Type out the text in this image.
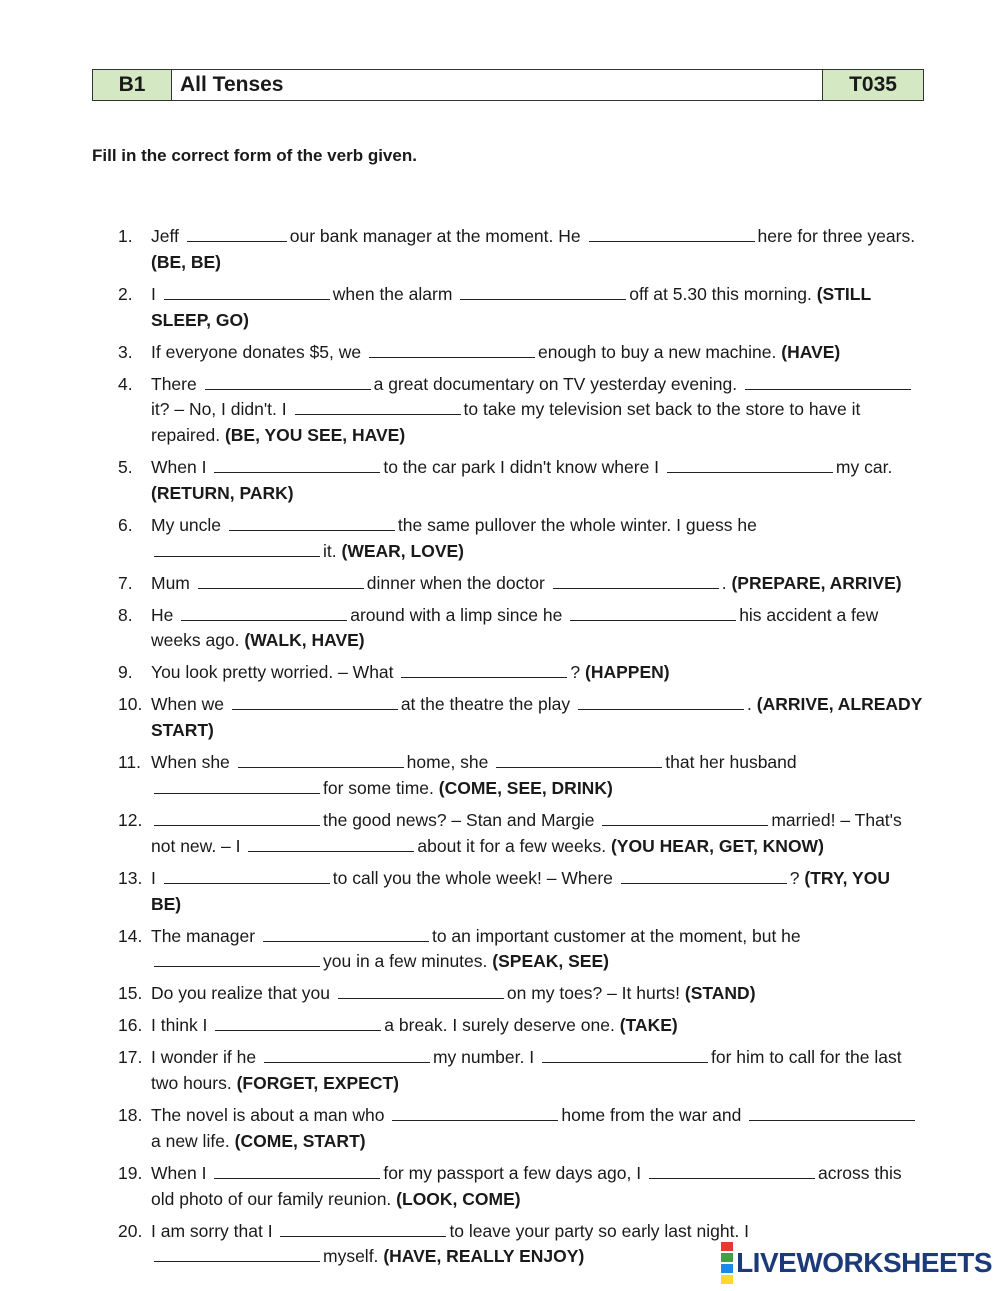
B1	All Tenses	T035
Fill in the correct form of the verb given.
1.	Jeff	our bank manager at the moment. He	here for three years. (BE, BE)
2.	I	when the alarm	off at 5.30 this morning. (STILL SLEEP, GO)
3.	If everyone donates $5, we	enough to buy a new machine. (HAVE)
4.	There	a great documentary on TV yesterday evening. it? – No, I didn't. I	to take my television set back to the store to have it repaired. (BE, YOU SEE, HAVE)
5.	When I	to the car park I didn't know where I	my car. (RETURN, PARK)
6.	My uncle	the same pullover the whole winter. I guess he it. (WEAR, LOVE)
7.	Mum	dinner when the doctor	. (PREPARE, ARRIVE)
8.	He	around with a limp since he	his accident a few weeks ago. (WALK, HAVE)
9.	You look pretty worried. – What	? (HAPPEN)
10. When we	at the theatre the play	. (ARRIVE, ALREADY START)
11. When she	home, she	that her husband for some time. (COME, SEE, DRINK)
12.	the good news? – Stan and Margie	married! – That's not new. – I	about it for a few weeks. (YOU HEAR, GET, KNOW)
13. I	to call you the whole week! – Where	? (TRY, YOU BE)
14. The manager	to an important customer at the moment, but he you in a few minutes. (SPEAK, SEE)
15. Do you realize that you	on my toes? – It hurts! (STAND)
16. I think I	a break. I surely deserve one. (TAKE)
17. I wonder if he	my number. I	for him to call for the last two hours. (FORGET, EXPECT)
18. The novel is about a man who	home from the war and a new life. (COME, START)
19. When I	for my passport a few days ago, I	across this old photo of our family reunion. (LOOK, COME)
20. I am sorry that I	to leave your party so early last night. I myself. (HAVE, REALLY ENJOY)	LIVEWORKSHEETS
